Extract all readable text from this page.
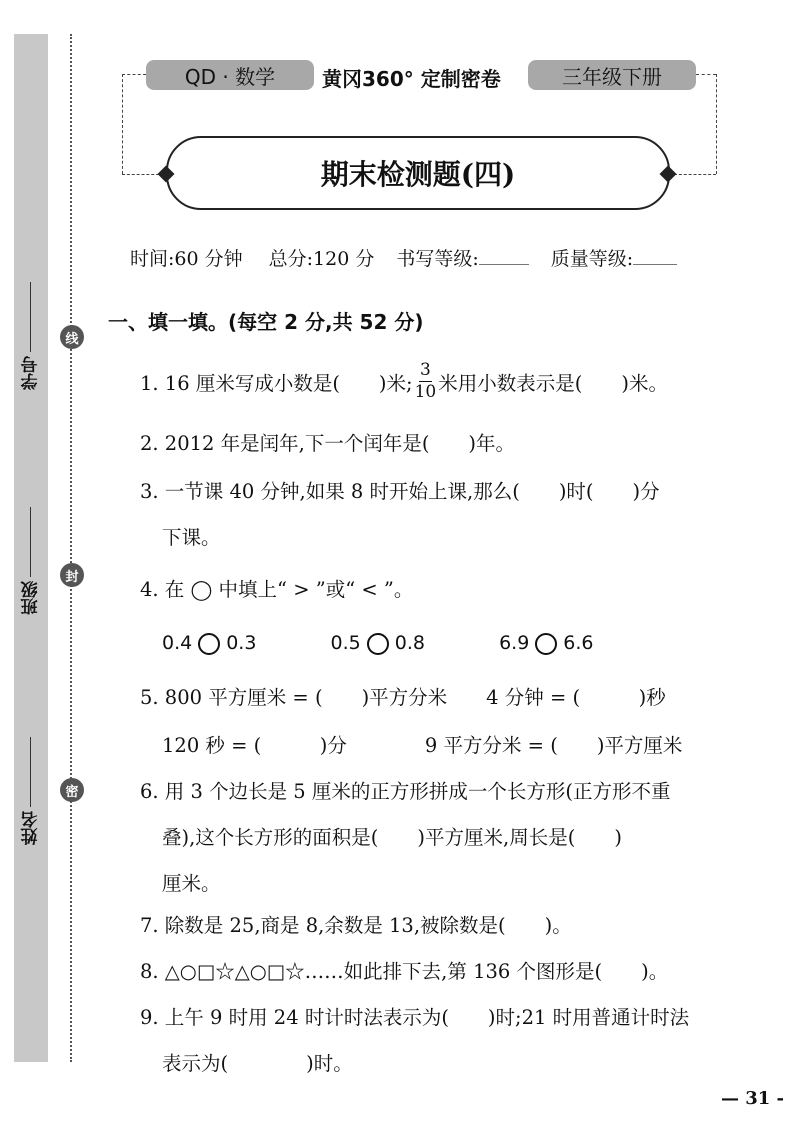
学号
班级
姓名
线
封
密
QD · 数学	黄冈360° 定制密卷	三年级下册
期末检测题(四)
时间:60 分钟 总分:120 分 书写等级:	质量等级:
一、填一填。(每空 2 分,共 52 分)
1. 16 厘米写成小数是(　　)米; $\frac{3}{10}$ 米用小数表示是(　　)米。
2. 2012 年是闰年,下一个闰年是(　　)年。
3. 一节课 40 分钟,如果 8 时开始上课,那么(　　)时(　　)分
下课。
4. 在 ◯ 中填上“ > ”或“ < ”。
0.4 0.3	0.5 0.8	6.9 6.6
5. 800 平方厘米 = (　　)平方分米　　4 分钟 = (　　　)秒
120 秒 = (　　　)分　　　　9 平方分米 = (　　)平方厘米
6. 用 3 个边长是 5 厘米的正方形拼成一个长方形(正方形不重
叠),这个长方形的面积是(　　)平方厘米,周长是(　　)
厘米。
7. 除数是 25,商是 8,余数是 13,被除数是(　　)。
8. △○□☆△○□☆……如此排下去,第 136 个图形是(　　)。
9. 上午 9 时用 24 时计时法表示为(　　)时;21 时用普通计时法
表示为(　　　　)时。
— 31 -
